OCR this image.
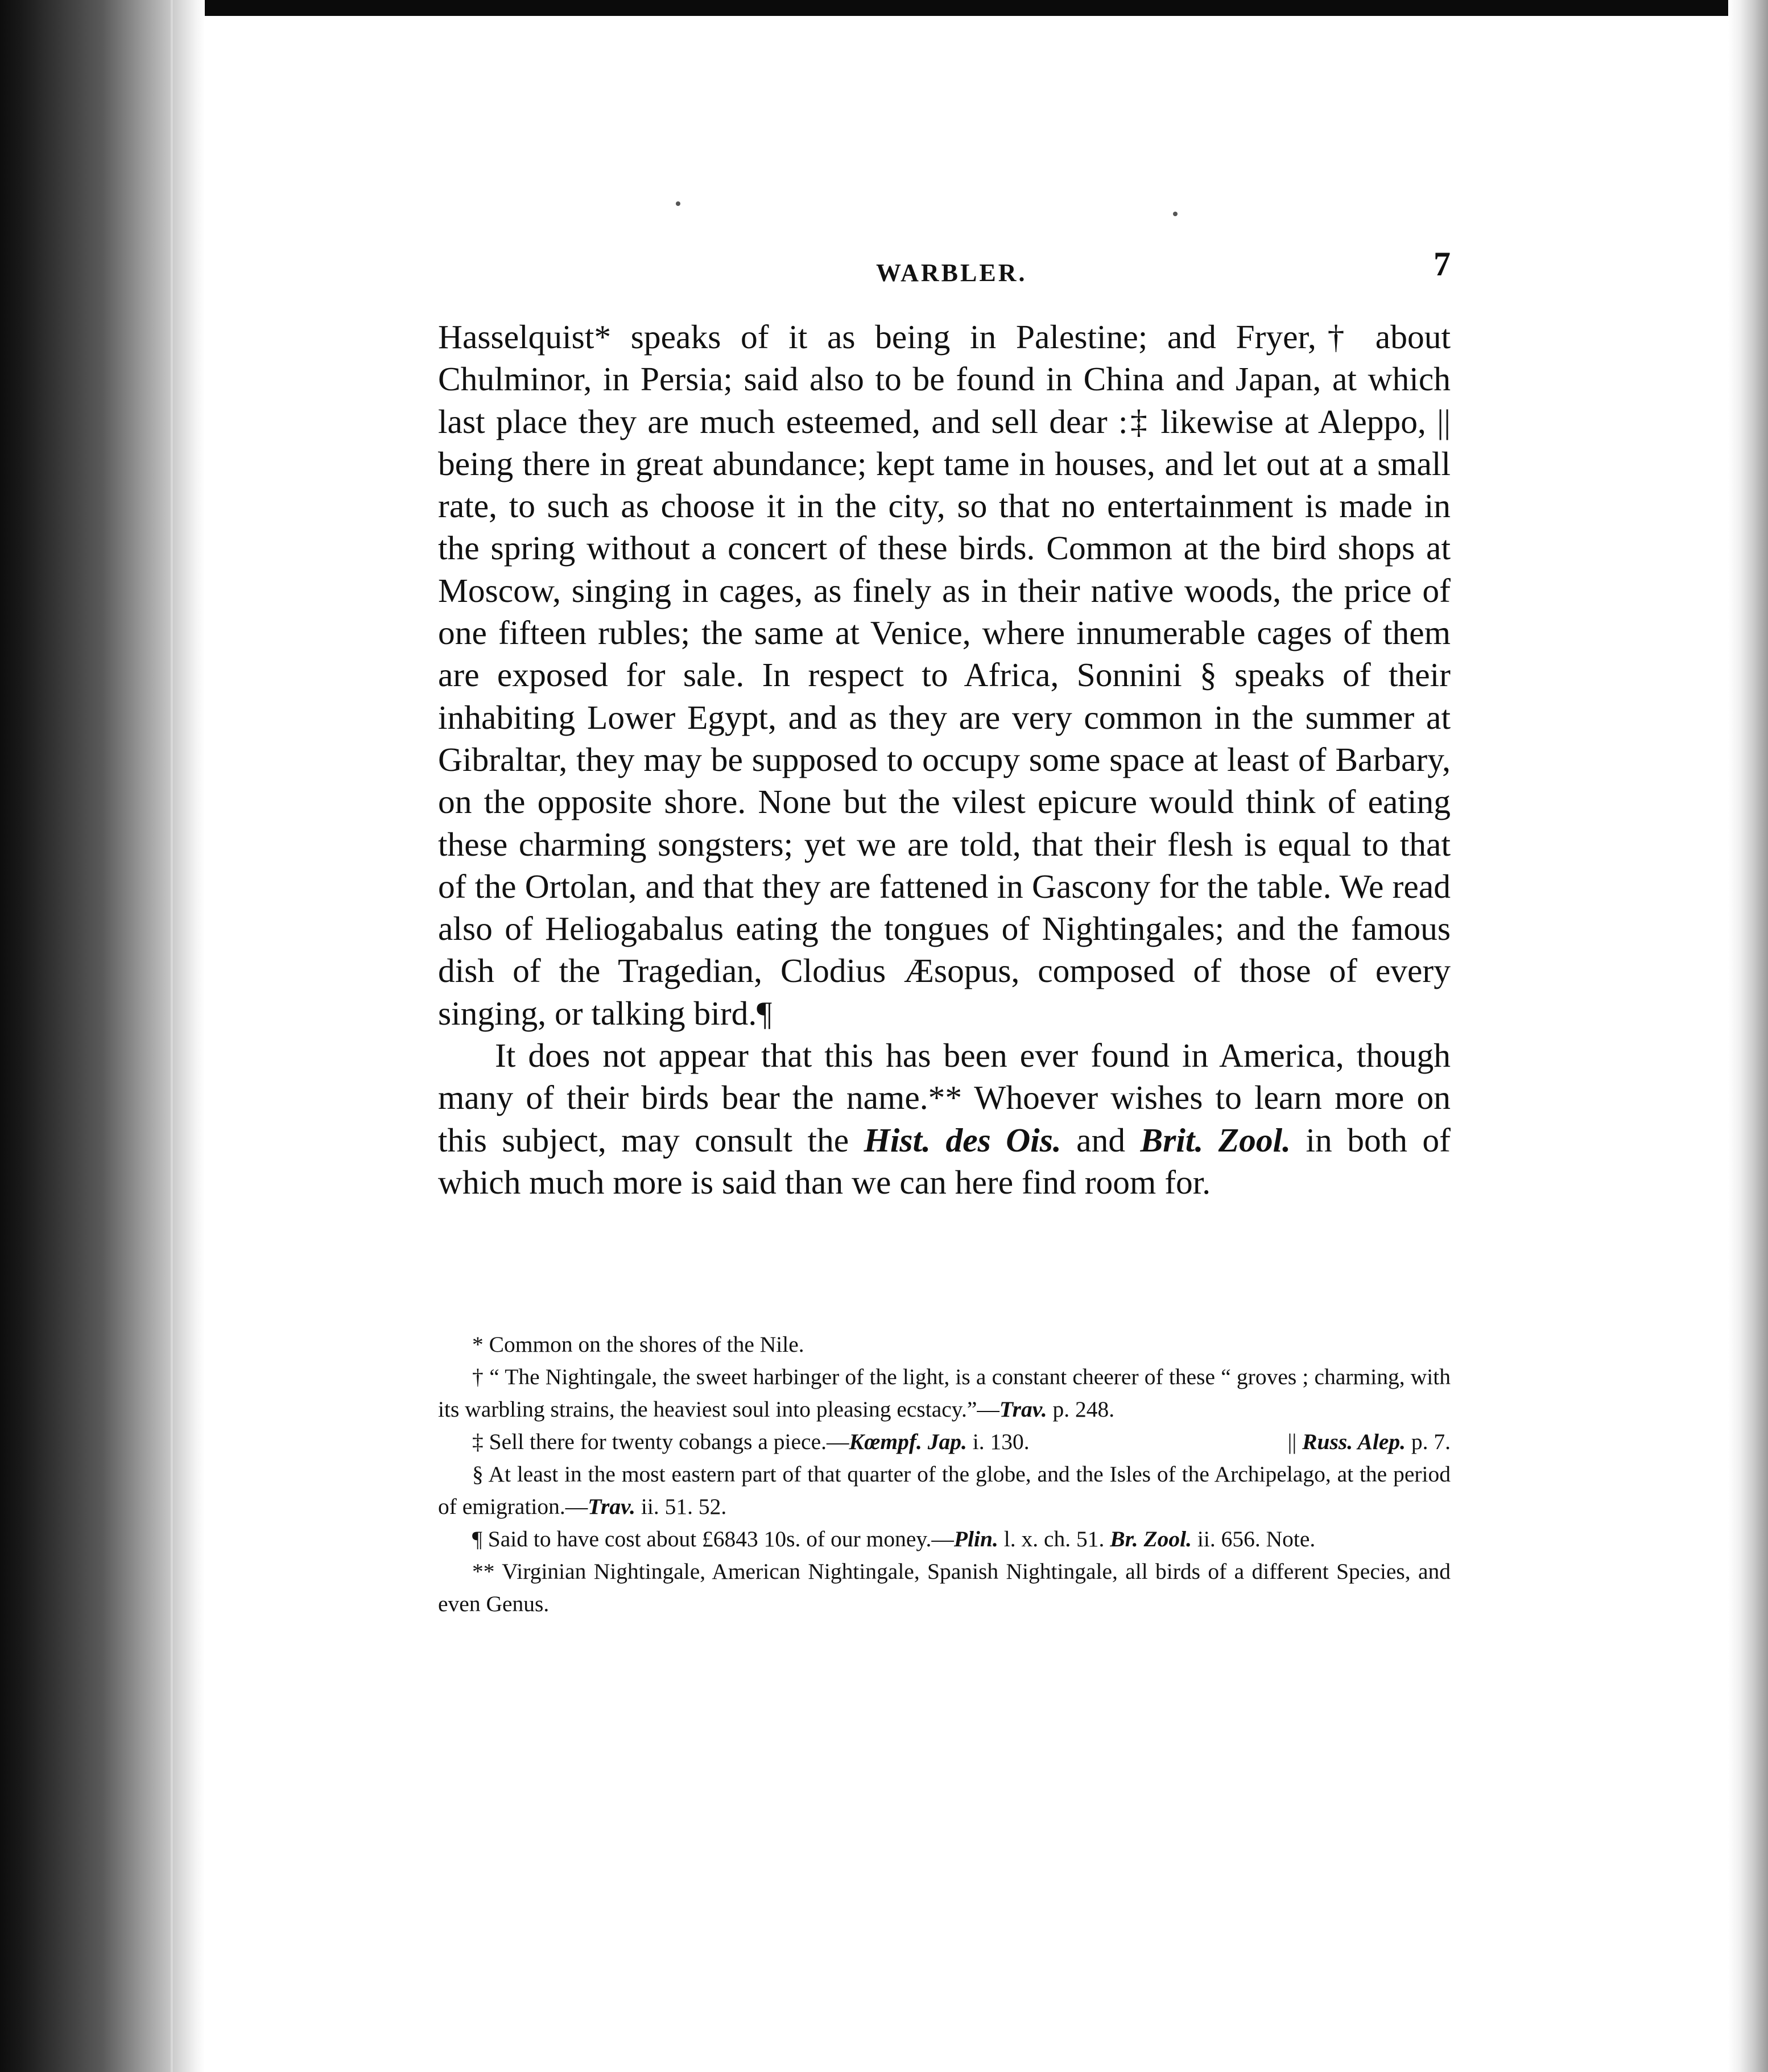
WARBLER.	7

Hasselquist* speaks of it as being in Palestine; and Fryer,† about Chulminor, in Persia; said also to be found in China and Japan, at which last place they are much esteemed, and sell dear :‡ likewise at Aleppo, || being there in great abundance; kept tame in houses, and let out at a small rate, to such as choose it in the city, so that no entertainment is made in the spring without a concert of these birds. Common at the bird shops at Moscow, singing in cages, as finely as in their native woods, the price of one fifteen rubles; the same at Venice, where innumerable cages of them are exposed for sale. In respect to Africa, Sonnini § speaks of their inhabiting Lower Egypt, and as they are very common in the summer at Gibraltar, they may be supposed to occupy some space at least of Barbary, on the opposite shore. None but the vilest epicure would think of eating these charming songsters; yet we are told, that their flesh is equal to that of the Ortolan, and that they are fattened in Gascony for the table. We read also of Heliogabalus eating the tongues of Nightingales; and the famous dish of the Tragedian, Clodius Æsopus, composed of those of every singing, or talking bird.¶

It does not appear that this has been ever found in America, though many of their birds bear the name.** Whoever wishes to learn more on this subject, may consult the Hist. des Ois. and Brit. Zool. in both of which much more is said than we can here find room for.

* Common on the shores of the Nile.

† “ The Nightingale, the sweet harbinger of the light, is a constant cheerer of these “ groves ; charming, with its warbling strains, the heaviest soul into pleasing ecstacy.”—Trav. p. 248.

‡ Sell there for twenty cobangs a piece.—Kœmpf. Jap. i. 130.	|| Russ. Alep. p. 7.

§ At least in the most eastern part of that quarter of the globe, and the Isles of the Archipelago, at the period of emigration.—Trav. ii. 51. 52.

¶ Said to have cost about £6843 10s. of our money.—Plin. l. x. ch. 51. Br. Zool. ii. 656. Note.

** Virginian Nightingale, American Nightingale, Spanish Nightingale, all birds of a different Species, and even Genus.
